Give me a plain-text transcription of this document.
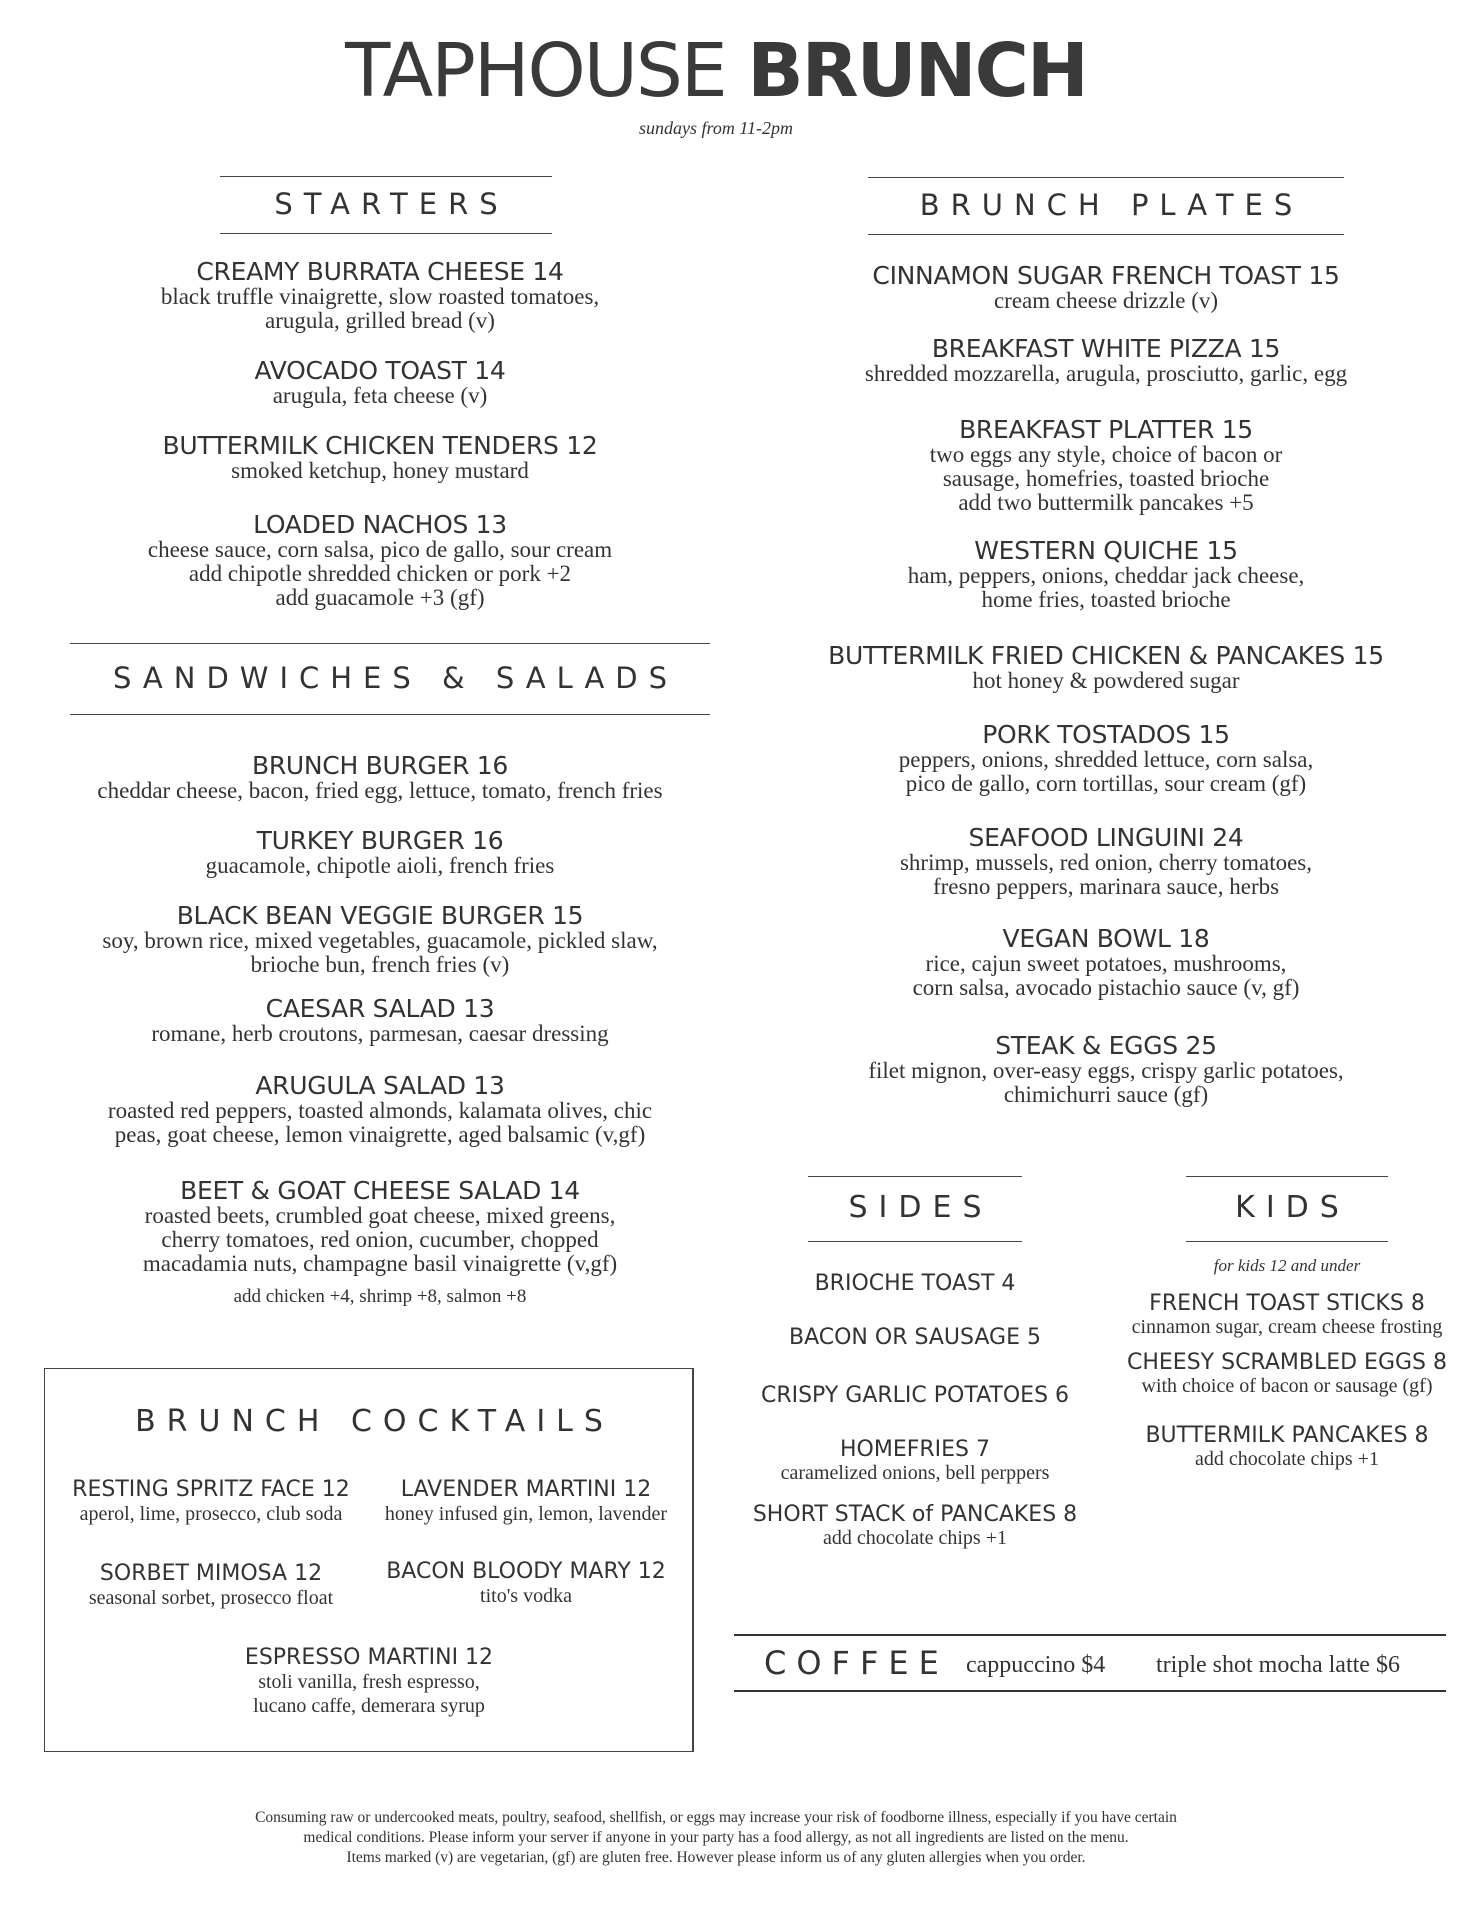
TAPHOUSE BRUNCH
sundays from 11-2pm
STARTERS
CREAMY BURRATA CHEESE 14
black truffle vinaigrette, slow roasted tomatoes,
arugula, grilled bread (v)
AVOCADO TOAST 14
arugula, feta cheese (v)
BUTTERMILK CHICKEN TENDERS 12
smoked ketchup, honey mustard
LOADED NACHOS 13
cheese sauce, corn salsa, pico de gallo, sour cream
add chipotle shredded chicken or pork +2
add guacamole +3 (gf)
SANDWICHES & SALADS
BRUNCH BURGER 16
cheddar cheese, bacon, fried egg, lettuce, tomato, french fries
TURKEY BURGER 16
guacamole, chipotle aioli, french fries
BLACK BEAN VEGGIE BURGER 15
soy, brown rice, mixed vegetables, guacamole, pickled slaw,
brioche bun, french fries (v)
CAESAR SALAD 13
romane, herb croutons, parmesan, caesar dressing
ARUGULA SALAD 13
roasted red peppers, toasted almonds, kalamata olives, chic
peas, goat cheese, lemon vinaigrette, aged balsamic (v,gf)
BEET & GOAT CHEESE SALAD 14
roasted beets, crumbled goat cheese, mixed greens,
cherry tomatoes, red onion, cucumber, chopped
macadamia nuts, champagne basil vinaigrette (v,gf)
add chicken +4, shrimp +8, salmon +8
BRUNCH COCKTAILS
RESTING SPRITZ FACE 12
aperol, lime, prosecco, club soda
LAVENDER MARTINI 12
honey infused gin, lemon, lavender
SORBET MIMOSA 12
seasonal sorbet, prosecco float
BACON BLOODY MARY 12
tito's vodka
ESPRESSO MARTINI 12
stoli vanilla, fresh espresso,
lucano caffe, demerara syrup
BRUNCH PLATES
CINNAMON SUGAR FRENCH TOAST 15
cream cheese drizzle (v)
BREAKFAST WHITE PIZZA 15
shredded mozzarella, arugula, prosciutto, garlic, egg
BREAKFAST PLATTER 15
two eggs any style, choice of bacon or
sausage, homefries, toasted brioche
add two buttermilk pancakes +5
WESTERN QUICHE 15
ham, peppers, onions, cheddar jack cheese,
home fries, toasted brioche
BUTTERMILK FRIED CHICKEN & PANCAKES 15
hot honey & powdered sugar
PORK TOSTADOS 15
peppers, onions, shredded lettuce, corn salsa,
pico de gallo, corn tortillas, sour cream (gf)
SEAFOOD LINGUINI 24
shrimp, mussels, red onion, cherry tomatoes,
fresno peppers, marinara sauce, herbs
VEGAN BOWL 18
rice, cajun sweet potatoes, mushrooms,
corn salsa, avocado pistachio sauce (v, gf)
STEAK & EGGS 25
filet mignon, over-easy eggs, crispy garlic potatoes,
chimichurri sauce (gf)
SIDES
BRIOCHE TOAST 4
BACON OR SAUSAGE 5
CRISPY GARLIC POTATOES 6
HOMEFRIES 7
caramelized onions, bell perppers
SHORT STACK of PANCAKES 8
add chocolate chips +1
KIDS
for kids 12 and under
FRENCH TOAST STICKS 8
cinnamon sugar, cream cheese frosting
CHEESY SCRAMBLED EGGS 8
with choice of bacon or sausage (gf)
BUTTERMILK PANCAKES 8
add chocolate chips +1
COFFEE cappuccino $4 triple shot mocha latte $6
Consuming raw or undercooked meats, poultry, seafood, shellfish, or eggs may increase your risk of foodborne illness, especially if you have certain
medical conditions. Please inform your server if anyone in your party has a food allergy, as not all ingredients are listed on the menu.
Items marked (v) are vegetarian, (gf) are gluten free. However please inform us of any gluten allergies when you order.
